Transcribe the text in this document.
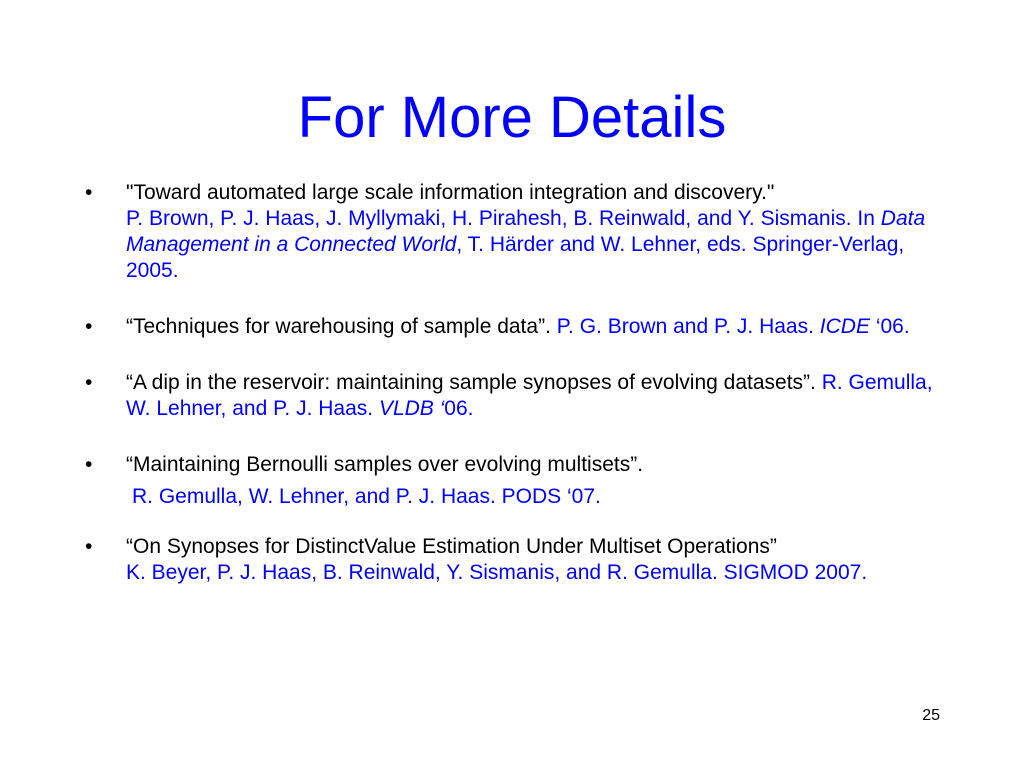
For More Details
•	"Toward automated large scale information integration and discovery."
P. Brown, P. J. Haas, J. Myllymaki, H. Pirahesh, B. Reinwald, and Y. Sismanis. In Data Management in a Connected World, T. Härder and W. Lehner, eds. Springer-Verlag, 2005.
•	“Techniques for warehousing of sample data”. P. G. Brown and P. J. Haas. ICDE ‘06.
•	“A dip in the reservoir: maintaining sample synopses of evolving datasets”. R. Gemulla, W. Lehner, and P. J. Haas. VLDB ‘06.
•	“Maintaining Bernoulli samples over evolving multisets”.
R. Gemulla, W. Lehner, and P. J. Haas. PODS ‘07.
•	“On Synopses for DistinctValue Estimation Under Multiset Operations”
K. Beyer, P. J. Haas, B. Reinwald, Y. Sismanis, and R. Gemulla. SIGMOD 2007.
25
